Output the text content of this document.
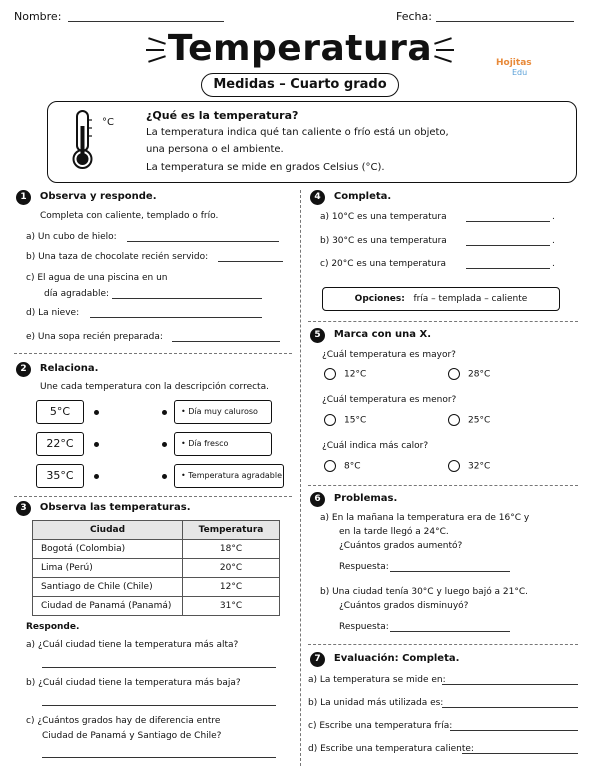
Nombre:	Fecha:
Temperatura
Medidas – Cuarto grado
Hojitas
Edu
°C
¿Qué es la temperatura?
La temperatura indica qué tan caliente o frío está un objeto,
una persona o el ambiente.
La temperatura se mide en grados Celsius (°C).
1 Observa y responde.
Completa con caliente, templado o frío.
a) Un cubo de hielo:
b) Una taza de chocolate recién servido:
c) El agua de una piscina en un
día agradable:
d) La nieve:
e) Una sopa recién preparada:
2 Relaciona.
Une cada temperatura con la descripción correcta.
5°C
22°C
35°C
• Día muy caluroso
• Día fresco
• Temperatura agradable
3 Observa las temperaturas.
Ciudad	Temperatura
Bogotá (Colombia)	18°C
Lima (Perú)	20°C
Santiago de Chile (Chile)	12°C
Ciudad de Panamá (Panamá)	31°C
Responde.
a) ¿Cuál ciudad tiene la temperatura más alta?
b) ¿Cuál ciudad tiene la temperatura más baja?
c) ¿Cuántos grados hay de diferencia entre
Ciudad de Panamá y Santiago de Chile?
4 Completa.
a) 10°C es una temperatura	.
b) 30°C es una temperatura	.
c) 20°C es una temperatura	.
Opciones: fría – templada – caliente
5 Marca con una X.
¿Cuál temperatura es mayor?
12°C	28°C
¿Cuál temperatura es menor?
15°C	25°C
¿Cuál indica más calor?
8°C	32°C
6 Problemas.
a) En la mañana la temperatura era de 16°C y
en la tarde llegó a 24°C.
¿Cuántos grados aumentó?
Respuesta:
b) Una ciudad tenía 30°C y luego bajó a 21°C.
¿Cuántos grados disminuyó?
Respuesta:
7 Evaluación: Completa.
a) La temperatura se mide en:
b) La unidad más utilizada es:
c) Escribe una temperatura fría:
d) Escribe una temperatura caliente:
